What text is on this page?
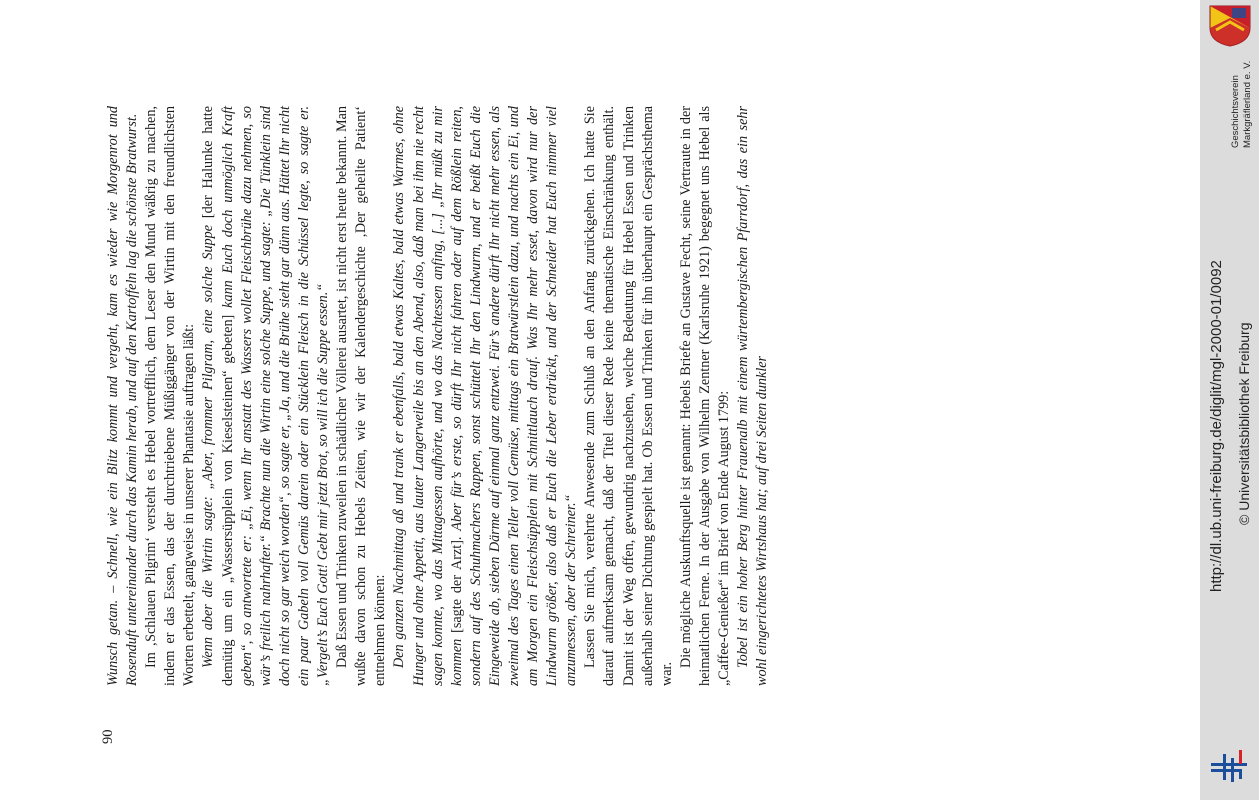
90

Wunsch getan. – Schnell, wie ein Blitz kommt und vergeht, kam es wieder wie Morgenrot und Rosenduft untereinander durch das Kamin herab, und auf den Kartoffeln lag die schönste Bratwurst. Im ‚Schlauen Pilgrim‘ versteht es Hebel vortrefflich, dem Leser den Mund wäßrig zu machen, indem er das Essen, das der durchtriebene Müßiggänger von der Wirtin mit den freundlichsten Worten erbettelt, gangweise in unserer Phantasie auftragen läßt: Wenn aber die Wirtin sagte: „Aber, frommer Pilgram, eine solche Suppe [der Halunke hatte demütig um ein „Wassersüpplein von Kieselsteinen“ gebeten] kann Euch doch unmöglich Kraft geben“, so antwortete er: „Ei, wenn Ihr anstatt des Wassers wollet Fleischbrühe dazu nehmen, so wär’s freilich nahrhafter.“ Brachte nun die Wirtin eine solche Suppe, und sagte: „Die Tünklein sind doch nicht so gar weich worden“, so sagte er, „Ja, und die Brühe sieht gar dünn aus. Hättet Ihr nicht ein paar Gabeln voll Gemüs darein oder ein Stücklein Fleisch in die Schüssel legte, so sagte er. „Vergelt’s Euch Gott! Gebt mir jetzt Brot, so will ich die Suppe essen.“ Daß Essen und Trinken zuweilen in schädlicher Völlerei ausartet, ist nicht erst heute bekannt. Man wußte davon schon zu Hebels Zeiten, wie wir der Kalendergeschichte ‚Der geheilte Patient‘ entnehmen können: Den ganzen Nachmittag aß und trank er ebenfalls, bald etwas Kaltes, bald etwas Warmes, ohne Hunger und ohne Appetit, aus lauter Langerweile bis an den Abend, also, daß man bei ihm nie recht sagen konnte, wo das Mittagessen aufhörte, und wo das Nachtessen anfing, [...] „Ihr müßt zu mir kommen [sagte der Arzt]. Aber für’s erste, so dürft Ihr nicht fahren oder auf dem Rößlein reiten, sondern auf des Schuhmachers Rappen, sonst schüttelt Ihr den Lindwurm, und er beißt Euch die Eingeweide ab, sieben Därme auf einmal ganz entzwei. Für’s andere dürft Ihr nicht mehr essen, als zweimal des Tages einen Teller voll Gemüse, mittags ein Bratwürstlein dazu, und nachts ein Ei, und am Morgen ein Fleischsüpplein mit Schnittlauch drauf. Was Ihr mehr esset, davon wird nur der Lindwurm größer, also daß er Euch die Leber erdrückt, und der Schneider hat Euch nimmer viel anzumessen, aber der Schreiner.“ Lassen Sie mich, verehrte Anwesende zum Schluß an den Anfang zurückgehen. Ich hatte Sie darauf aufmerksam gemacht, daß der Titel dieser Rede keine thematische Einschränkung enthält. Damit ist der Weg offen, gewundrig nachzusehen, welche Bedeutung für Hebel Essen und Trinken außerhalb seiner Dichtung gespielt hat. Ob Essen und Trinken für ihn überhaupt ein Gesprächsthema war.

Die mögliche Auskunftsquelle ist genannt: Hebels Briefe an Gustave Fecht, seine Vertraute in der heimatlichen Ferne. In der Ausgabe von Wilhelm Zentner (Karlsruhe 1921) begegnet uns Hebel als „Caffee-Genießer“ im Brief von Ende August 1799: Tobel ist ein hoher Berg hinter Frauenalb mit einem würtembergischen Pfarrdorf, das ein sehr wohl eingerichtetes Wirtshaus hat; auf drei Seiten dunkler	http://dl.ub.uni-freiburg.de/diglit/mgl-2000-01/0092 © Universitätsbibliothek Freiburg
Geschichtsverein Markgräflerland e. V.
